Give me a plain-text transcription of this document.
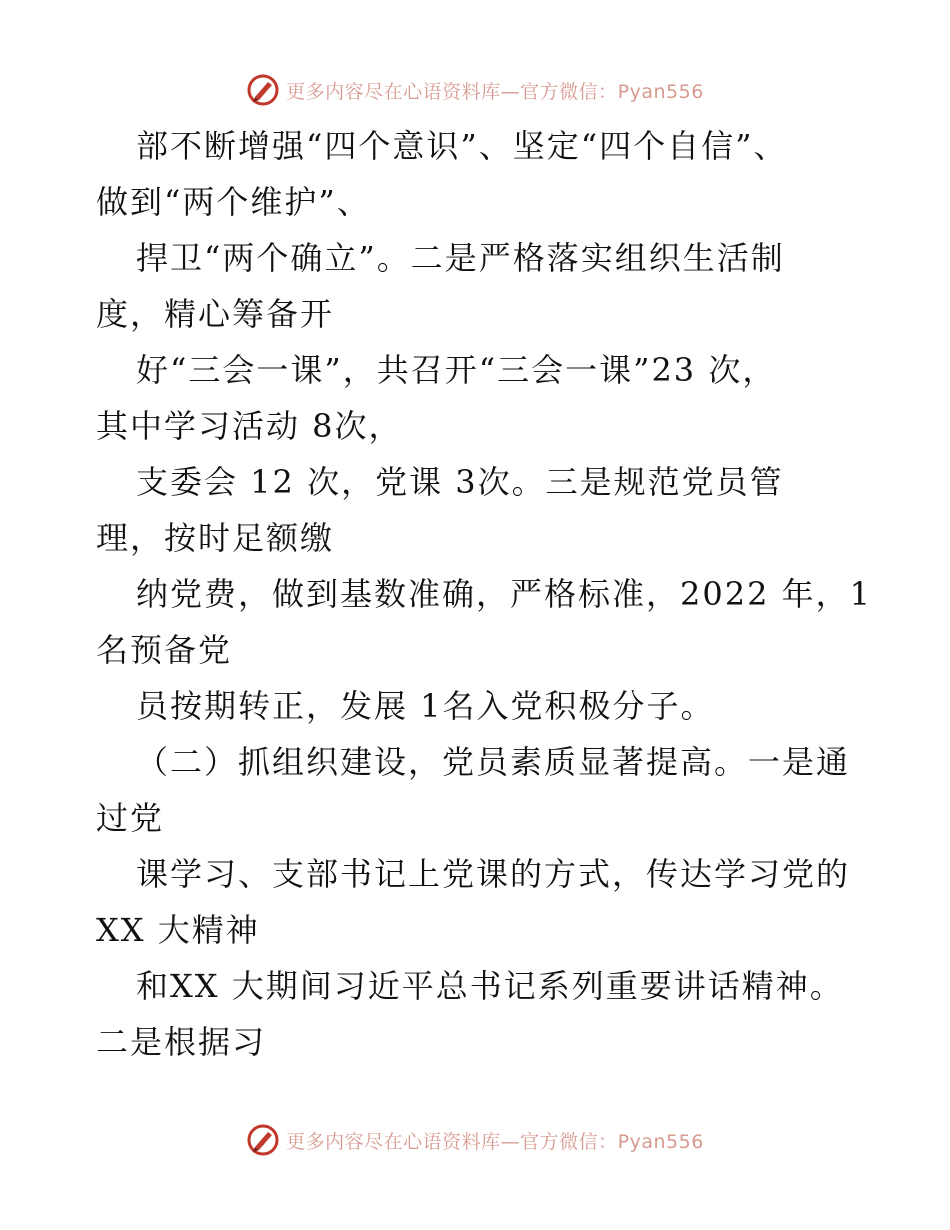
更多内容尽在心语资料库—官方微信：Pyan556
部不断增强“四个意识”、坚定“四个自信”、
做到“两个维护”、
捍卫“两个确立”。二是严格落实组织生活制
度，精心筹备开
好“三会一课”，共召开“三会一课”23 次，
其中学习活动 8次，
支委会 12 次，党课 3次。三是规范党员管
理，按时足额缴
纳党费，做到基数准确，严格标准，2022 年，1
名预备党
员按期转正，发展 1名入党积极分子。
（二）抓组织建设，党员素质显著提高。一是通
过党
课学习、支部书记上党课的方式，传达学习党的
XX 大精神
和XX 大期间习近平总书记系列重要讲话精神。
二是根据习
更多内容尽在心语资料库—官方微信：Pyan556
